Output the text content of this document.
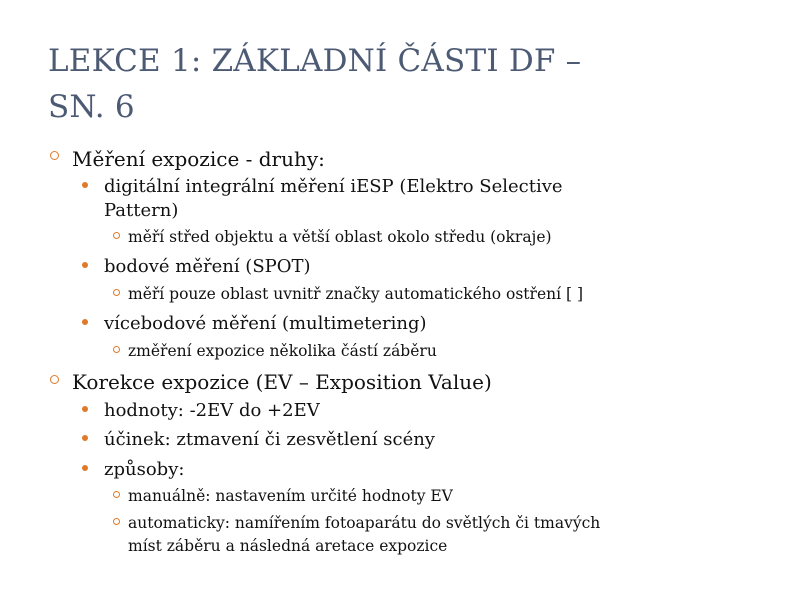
LEKCE 1: ZÁKLADNÍ ČÁSTI DF –
SN. 6
Měření expozice - druhy:
digitální integrální měření iESP (Elektro Selective
Pattern)
měří střed objektu a větší oblast okolo středu (okraje)
bodové měření (SPOT)
měří pouze oblast uvnitř značky automatického ostření [ ]
vícebodové měření (multimetering)
změření expozice několika částí záběru
Korekce expozice (EV – Exposition Value)
hodnoty: -2EV do +2EV
účinek: ztmavení či zesvětlení scény
způsoby:
manuálně: nastavením určité hodnoty EV
automaticky: namířením fotoaparátu do světlých či tmavých
míst záběru a následná aretace expozice
